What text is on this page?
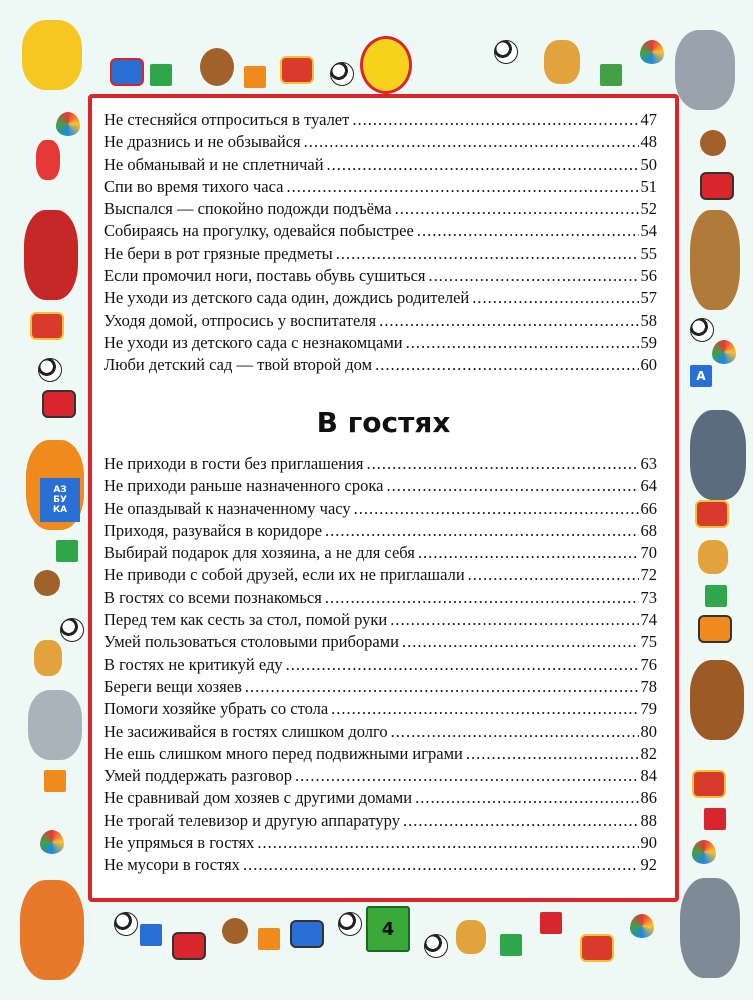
АЗ
БУ
КА
А
Не стесняйся отпроситься в туалет .....	47
Не дразнись и не обзывайся .....	48
Не обманывай и не сплетничай .....	50
Спи во время тихого часа .....	51
Выспался — спокойно подожди подъёма .....	52
Собираясь на прогулку, одевайся побыстрее .....	54
Не бери в рот грязные предметы .....	55
Если промочил ноги, поставь обувь сушиться .....	56
Не уходи из детского сада один, дождись родителей .....	57
Уходя домой, отпросись у воспитателя .....	58
Не уходи из детского сада с незнакомцами .....	59
Люби детский сад — твой второй дом .....	60
В гостях
Не приходи в гости без приглашения .....	63
Не приходи раньше назначенного срока .....	64
Не опаздывай к назначенному часу .....	66
Приходя, разувайся в коридоре .....	68
Выбирай подарок для хозяина, а не для себя .....	70
Не приводи с собой друзей, если их не приглашали .....	72
В гостях со всеми познакомься .....	73
Перед тем как сесть за стол, помой руки .....	74
Умей пользоваться столовыми приборами .....	75
В гостях не критикуй еду .....	76
Береги вещи хозяев .....	78
Помоги хозяйке убрать со стола .....	79
Не засиживайся в гостях слишком долго .....	80
Не ешь слишком много перед подвижными играми .....	82
Умей поддержать разговор .....	84
Не сравнивай дом хозяев с другими домами .....	86
Не трогай телевизор и другую аппаратуру .....	88
Не упрямься в гостях .....	90
Не мусори в гостях .....	92
4
